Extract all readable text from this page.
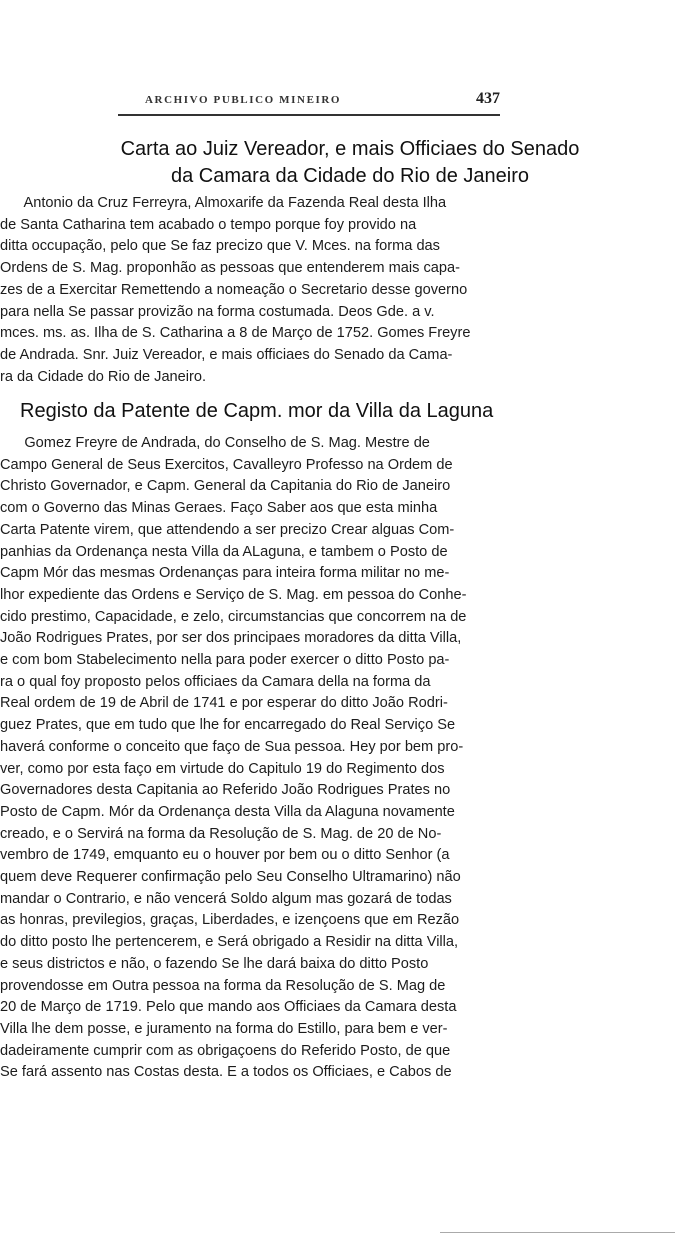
ARCHIVO PUBLICO MINEIRO	437
Carta ao Juiz Vereador, e mais Officiaes do Senado
da Camara da Cidade do Rio de Janeiro
Antonio da Cruz Ferreyra, Almoxarife da Fazenda Real desta Ilha
de Santa Catharina tem acabado o tempo porque foy provido na
ditta occupação, pelo que Se faz precizo que V. Mces. na forma das
Ordens de S. Mag. proponhão as pessoas que entenderem mais capa-
zes de a Exercitar Remettendo a nomeação o Secretario desse governo
para nella Se passar provizão na forma costumada. Deos Gde. a v.
mces. ms. as. Ilha de S. Catharina a 8 de Março de 1752. Gomes Freyre
de Andrada. Snr. Juiz Vereador, e mais officiaes do Senado da Cama-
ra da Cidade do Rio de Janeiro.
Registo da Patente de Capm. mor da Villa da Laguna
Gomez Freyre de Andrada, do Conselho de S. Mag. Mestre de
Campo General de Seus Exercitos, Cavalleyro Professo na Ordem de
Christo Governador, e Capm. General da Capitania do Rio de Janeiro
com o Governo das Minas Geraes. Faço Saber aos que esta minha
Carta Patente virem, que attendendo a ser precizo Crear alguas Com-
panhias da Ordenança nesta Villa da ALaguna, e tambem o Posto de
Capm Mór das mesmas Ordenanças para inteira forma militar no me-
lhor expediente das Ordens e Serviço de S. Mag. em pessoa do Conhe-
cido prestimo, Capacidade, e zelo, circumstancias que concorrem na de
João Rodrigues Prates, por ser dos principaes moradores da ditta Villa,
e com bom Stabelecimento nella para poder exercer o ditto Posto pa-
ra o qual foy proposto pelos officiaes da Camara della na forma da
Real ordem de 19 de Abril de 1741 e por esperar do ditto João Rodri-
guez Prates, que em tudo que lhe for encarregado do Real Serviço Se
haverá conforme o conceito que faço de Sua pessoa. Hey por bem pro-
ver, como por esta faço em virtude do Capitulo 19 do Regimento dos
Governadores desta Capitania ao Referido João Rodrigues Prates no
Posto de Capm. Mór da Ordenança desta Villa da Alaguna novamente
creado, e o Servirá na forma da Resolução de S. Mag. de 20 de No-
vembro de 1749, emquanto eu o houver por bem ou o ditto Senhor (a
quem deve Requerer confirmação pelo Seu Conselho Ultramarino) não
mandar o Contrario, e não vencerá Soldo algum mas gozará de todas
as honras, previlegios, graças, Liberdades, e izençoens que em Rezão
do ditto posto lhe pertencerem, e Será obrigado a Residir na ditta Villa,
e seus districtos e não, o fazendo Se lhe dará baixa do ditto Posto
provendosse em Outra pessoa na forma da Resolução de S. Mag de
20 de Março de 1719. Pelo que mando aos Officiaes da Camara desta
Villa lhe dem posse, e juramento na forma do Estillo, para bem e ver-
dadeiramente cumprir com as obrigaçoens do Referido Posto, de que
Se fará assento nas Costas desta. E a todos os Officiaes, e Cabos de
